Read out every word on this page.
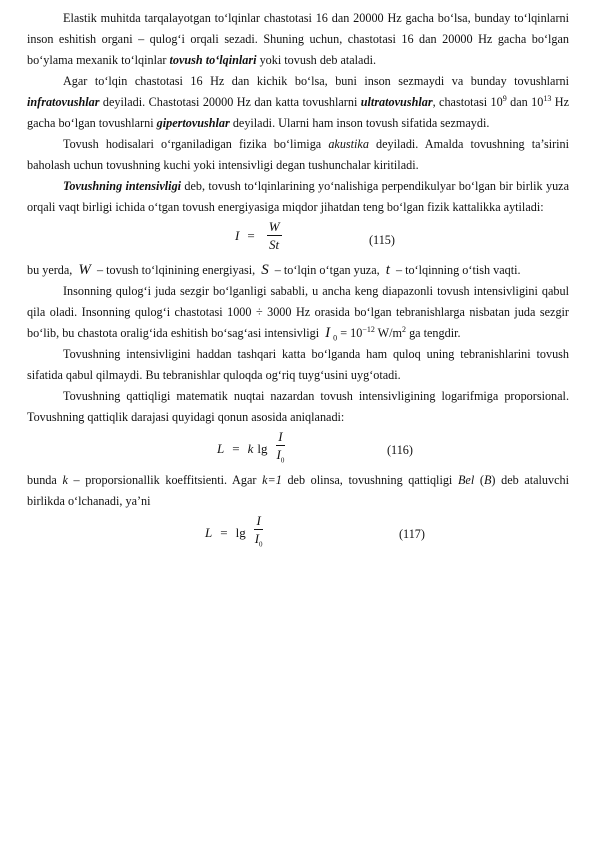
Elastik muhitda tarqalayotgan to‘lqinlar chastotasi 16 dan 20000 Hz gacha bo‘lsa, bunday to‘lqinlarni inson eshitish organi – qulog‘i orqali sezadi. Shuning uchun, chastotasi 16 dan 20000 Hz gacha bo‘lgan bo‘ylama mexanik to‘lqinlar tovush to‘lqinlari yoki tovush deb ataladi.

Agar to‘lqin chastotasi 16 Hz dan kichik bo‘lsa, buni inson sezmaydi va bunday tovushlarni infratovushlar deyiladi. Chastotasi 20000 Hz dan katta tovushlarni ultratovushlar, chastotasi $10^9$ dan $10^{13}$ Hz gacha bo‘lgan tovushlarni gipertovushlar deyiladi. Ularni ham inson tovush sifatida sezmaydi.

Tovush hodisalari o‘rganiladigan fizika bo‘limiga akustika deyiladi. Amalda tovushning ta’sirini baholash uchun tovushning kuchi yoki intensivligi degan tushunchalar kiritiladi.

Tovushning intensivligi deb, tovush to‘lqinlarining yo‘nalishiga perpendikulyar bo‘lgan bir birlik yuza orqali vaqt birligi ichida o‘tgan tovush energiyasiga miqdor jihatdan teng bo‘lgan fizik kattalikka aytiladi:

$I = \frac{W}{St}$	(115)

bu yerda, W – tovush to‘lqinining energiyasi, S – to‘lqin o‘tgan yuza, t – to‘lqinning o‘tish vaqti.

Insonning qulog‘i juda sezgir bo‘lganligi sababli, u ancha keng diapazonli tovush intensivligini qabul qila oladi. Insonning qulog‘i chastotasi 1000 ÷ 3000 Hz orasida bo‘lgan tebranishlarga nisbatan juda sezgir bo‘lib, bu chastota oralig‘ida eshitish bo‘sag‘asi intensivligi I $_0 = 10^{-12}$ $W/m^2$ ga tengdir.

Tovushning intensivligini haddan tashqari katta bo‘lganda ham quloq uning tebranishlarini tovush sifatida qabul qilmaydi. Bu tebranishlar quloqda og‘riq tuyg‘usini uyg‘otadi.

Tovushning qattiqligi matematik nuqtai nazardan tovush intensivligining logarifmiga proporsional. Tovushning qattiqlik darajasi quyidagi qonun asosida aniqlanadi:

L = k $\lg \frac{I}{I_0}$	(116)

bunda k – proporsionallik koeffitsienti. Agar k=1 deb olinsa, tovushning qattiqligi Bel (B) deb ataluvchi birlikda o‘lchanadi, ya’ni

$L = \lg \frac{I}{I_0}$	(117)
